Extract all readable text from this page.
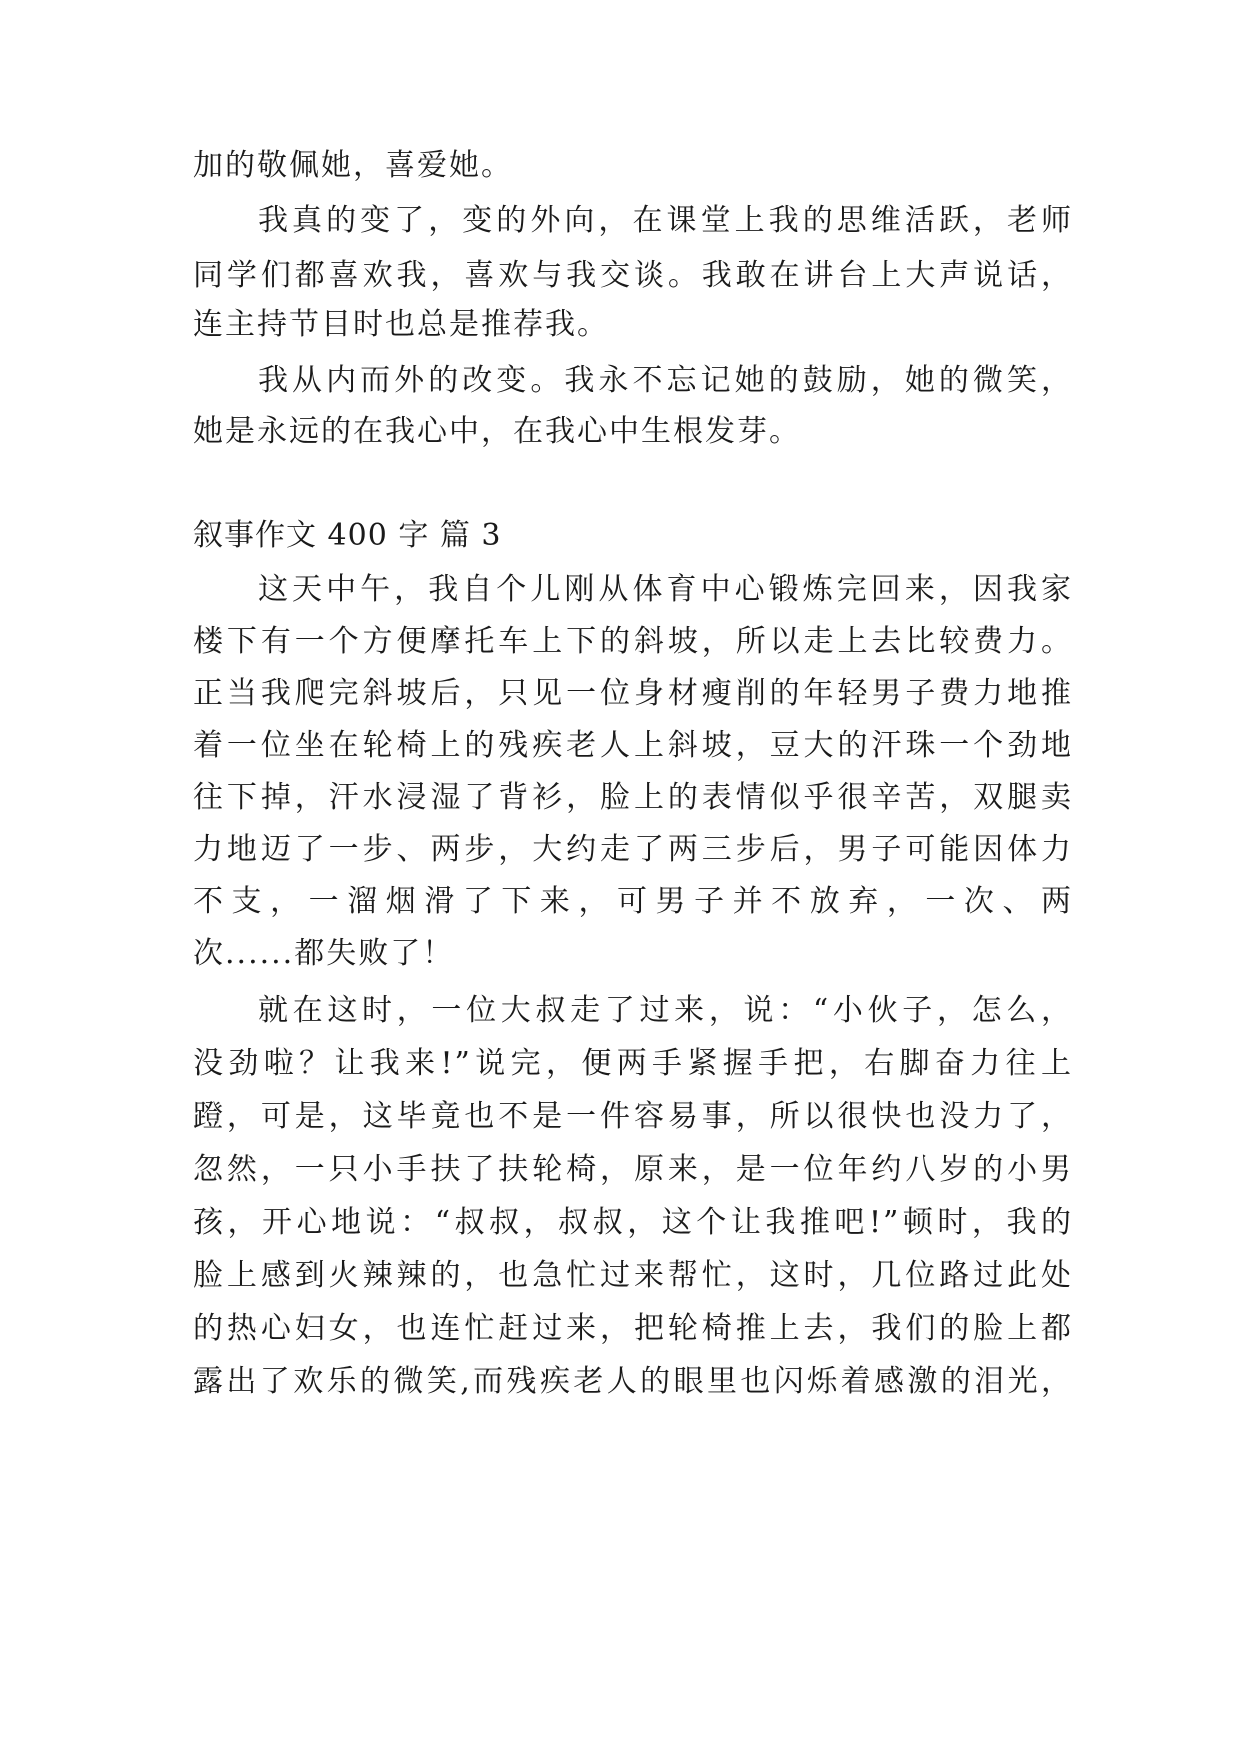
加的敬佩她，喜爱她。
我真的变了，变的外向，在课堂上我的思维活跃，老师
同学们都喜欢我，喜欢与我交谈。我敢在讲台上大声说话，
连主持节目时也总是推荐我。
我从内而外的改变。我永不忘记她的鼓励，她的微笑，
她是永远的在我心中，在我心中生根发芽。
叙事作文 400 字 篇 3
这天中午，我自个儿刚从体育中心锻炼完回来，因我家
楼下有一个方便摩托车上下的斜坡，所以走上去比较费力。
正当我爬完斜坡后，只见一位身材瘦削的年轻男子费力地推
着一位坐在轮椅上的残疾老人上斜坡，豆大的汗珠一个劲地
往下掉，汗水浸湿了背衫，脸上的表情似乎很辛苦，双腿卖
力地迈了一步、两步，大约走了两三步后，男子可能因体力
不支，一溜烟滑了下来，可男子并不放弃，一次、两
次......都失败了！
就在这时，一位大叔走了过来，说：“小伙子，怎么，
没劲啦？让我来!”说完，便两手紧握手把，右脚奋力往上
蹬，可是，这毕竟也不是一件容易事，所以很快也没力了，
忽然，一只小手扶了扶轮椅，原来，是一位年约八岁的小男
孩，开心地说：“叔叔，叔叔，这个让我推吧!”顿时，我的
脸上感到火辣辣的，也急忙过来帮忙，这时，几位路过此处
的热心妇女，也连忙赶过来，把轮椅推上去，我们的脸上都
露出了欢乐的微笑,而残疾老人的眼里也闪烁着感激的泪光，
